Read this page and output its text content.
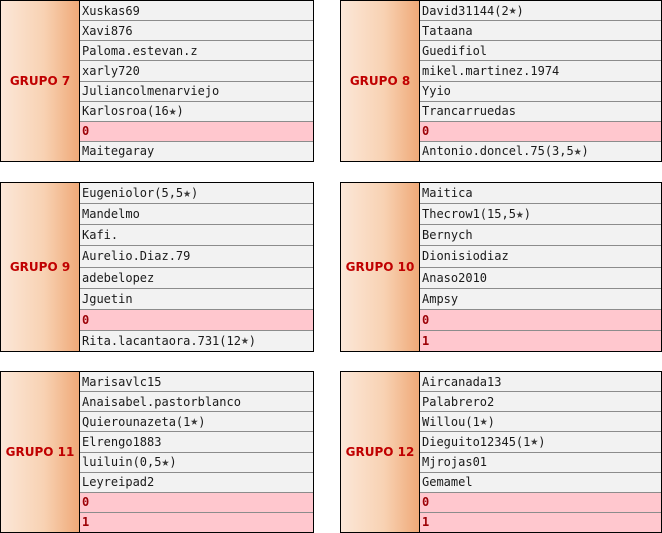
GRUPO 7
Xuskas69
Xavi876
Paloma.estevan.z
xarly720
Juliancolmenarviejo
Karlosroa(16 ★ )
0
Maitegaray
GRUPO 8
David31144(2 ★ )
Tataana
Guedifiol
mikel.martinez.1974
Yyio
Trancarruedas
0
Antonio.doncel.75(3,5 ★ )
GRUPO 9
Eugeniolor(5,5 ★ )
Mandelmo
Kafi.
Aurelio.Diaz.79
adebelopez
Jguetin
0
Rita.lacantaora.731(12 ★ )
GRUPO 10
Maitica
Thecrow1(15,5 ★ )
Bernych
Dionisiodiaz
Anaso2010
Ampsy
0
1
GRUPO 11
Marisavlc15
Anaisabel.pastorblanco
Quierounazeta(1 ★ )
Elrengo1883
luiluin(0,5 ★ )
Leyreipad2
0
1
GRUPO 12
Aircanada13
Palabrero2
Willou(1 ★ )
Dieguito12345(1 ★ )
Mjrojas01
Gemamel
0
1
